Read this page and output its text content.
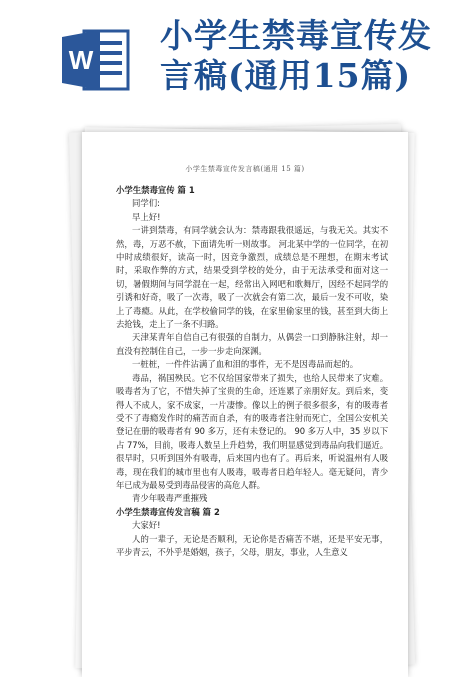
W
小学生禁毒宣传发
言稿(通用15篇)
小学生禁毒宣传发言稿(通用 15 篇)

小学生禁毒宣传 篇 1

同学们:

早上好!

一讲到禁毒，有同学就会认为：禁毒跟我很遥远，与我无关。其实不然，毒，万恶不赦，下面请先听一则故事。 河北某中学的一位同学，在初中时成绩很好，读高一时，因竞争激烈，成绩总是不理想，在期末考试时，采取作弊的方式，结果受到学校的处分，由于无法承受和面对这一切，暑假期间与同学混在一起，经常出入网吧和歌舞厅，因经不起同学的引诱和好奇，吸了一次毒，吸了一次就会有第二次，最后一发不可收，染上了毒瘾。从此，在学校偷同学的钱，在家里偷家里的钱，甚至到大街上去抢钱，走上了一条不归路。

天津某青年自信自己有很强的自制力，从偶尝一口到静脉注射，却一直没有控制住自己，一步一步走向深渊。

一桩桩，一件件沾满了血和泪的事件，无不是因毒品而起的。

毒品，祸国殃民。它不仅给国家带来了损失，也给人民带来了灾难。吸毒者为了它，不惜失掉了宝贵的生命，还连累了亲朋好友。到后来，变得人不成人，家不成家，一片凄惨。像以上的例子很多很多，有的吸毒者受不了毒瘾发作时的痛苦而自杀，有的吸毒者注射而死亡，全国公安机关登记在册的吸毒者有 90 多万，还有未登记的。 90 多万人中，35 岁以下占 77%，目前，吸毒人数呈上升趋势，我们明显感觉到毒品向我们逼近。很早时，只听到国外有吸毒，后来国内也有了。再后来，听说温州有人吸毒，现在我们的城市里也有人吸毒，吸毒者日趋年轻人。毫无疑问，青少年已成为最易受到毒品侵害的高危人群。

青少年吸毒严重摧残

小学生禁毒宣传发言稿 篇 2

大家好!

人的一辈子，无论是否顺利，无论你是否痛苦不堪，还是平安无事，平步青云，不外乎是婚姻，孩子，父母，朋友，事业，人生意义
